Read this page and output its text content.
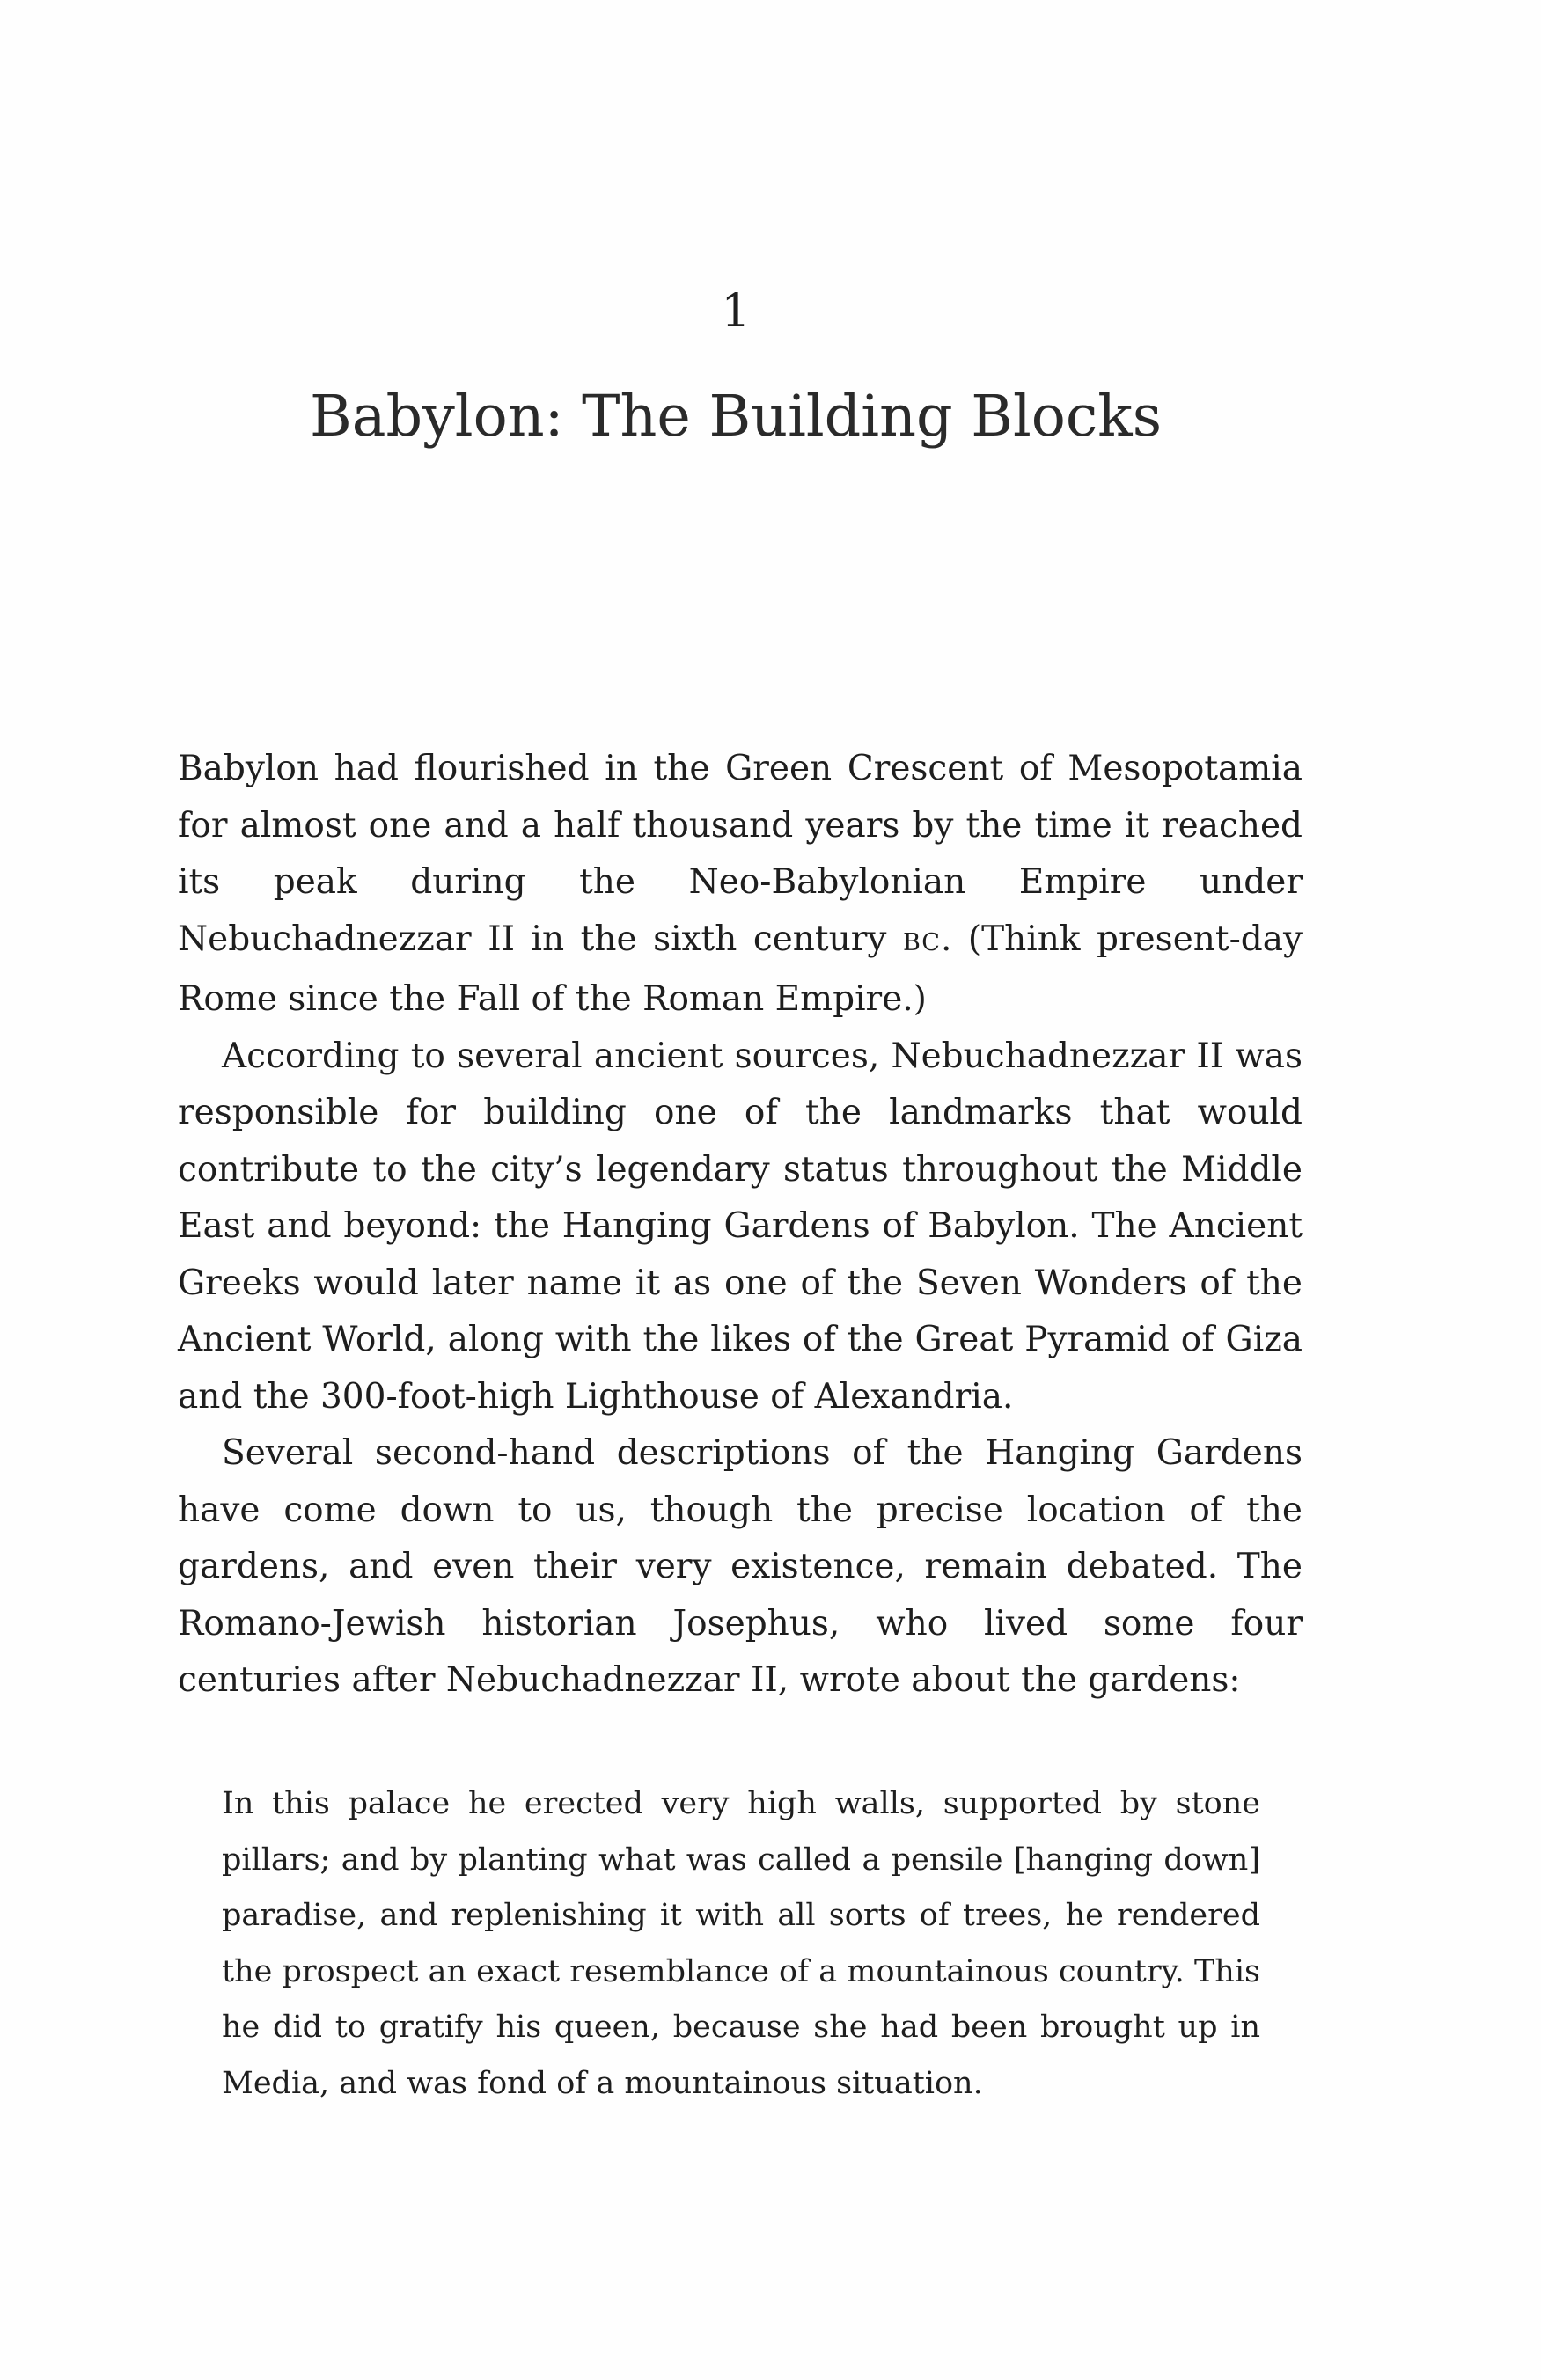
1
Babylon: The Building Blocks

Babylon had flourished in the Green Crescent of Mesopotamia for almost one and a half thousand years by the time it reached its peak during the Neo-Babylonian Empire under Nebuchadnezzar II in the sixth century BC. (Think present-day Rome since the Fall of the Roman Empire.)

According to several ancient sources, Nebuchadnezzar II was responsible for building one of the landmarks that would contribute to the city’s legendary status throughout the Middle East and beyond: the Hanging Gardens of Babylon. The Ancient Greeks would later name it as one of the Seven Wonders of the Ancient World, along with the likes of the Great Pyramid of Giza and the 300-foot-high Lighthouse of Alexandria.

Several second-hand descriptions of the Hanging Gardens have come down to us, though the precise location of the gardens, and even their very existence, remain debated. The Romano-Jewish historian Josephus, who lived some four centuries after Nebuchadnezzar II, wrote about the gardens:

In this palace he erected very high walls, supported by stone pillars; and by planting what was called a pensile [hanging down] paradise, and replenishing it with all sorts of trees, he rendered the prospect an exact resemblance of a mountainous country. This he did to gratify his queen, because she had been brought up in Media, and was fond of a mountainous situation.
